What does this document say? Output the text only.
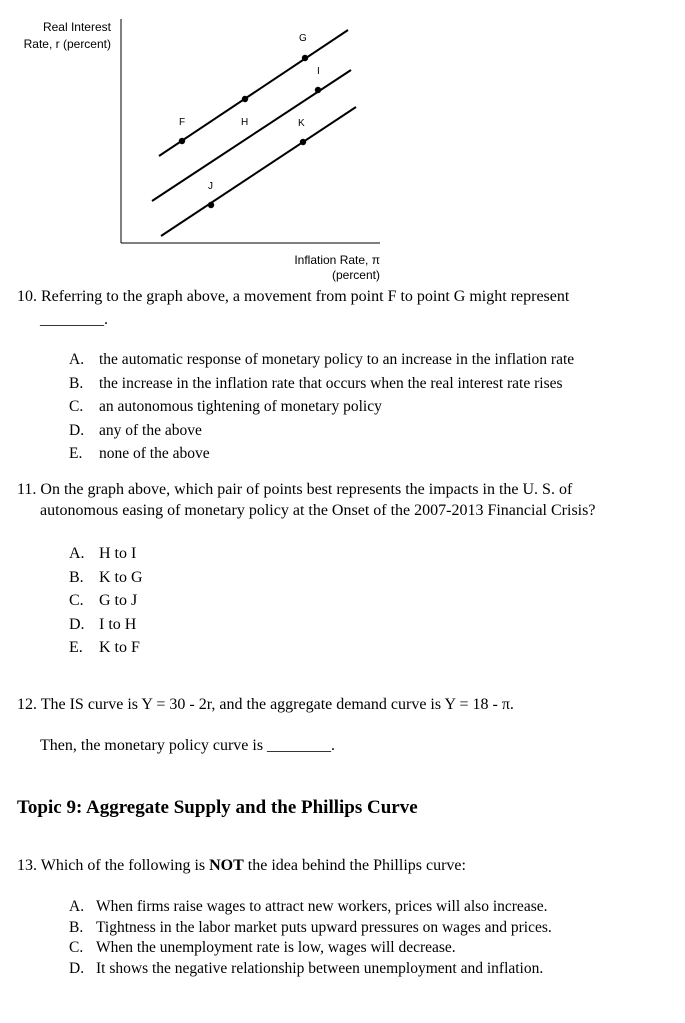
Real Interest
Rate, r (percent)
Inflation Rate, π
(percent)
F	H
G
I
K
J
10. Referring to the graph above, a movement from point F to point G might represent
________.
A. the automatic response of monetary policy to an increase in the inflation rate
B. the increase in the inflation rate that occurs when the real interest rate rises
C. an autonomous tightening of monetary policy
D. any of the above
E. none of the above
11. On the graph above, which pair of points best represents the impacts in the U. S. of
autonomous easing of monetary policy at the Onset of the 2007-2013 Financial Crisis?
A. H to I
B. K to G
C. G to J
D. I to H
E. K to F
12. The IS curve is Y = 30 - 2r, and the aggregate demand curve is Y = 18 - π.
Then, the monetary policy curve is ________.
Topic 9: Aggregate Supply and the Phillips Curve
13. Which of the following is NOT the idea behind the Phillips curve:
A. When firms raise wages to attract new workers, prices will also increase.
B. Tightness in the labor market puts upward pressures on wages and prices.
C. When the unemployment rate is low, wages will decrease.
D. It shows the negative relationship between unemployment and inflation.
